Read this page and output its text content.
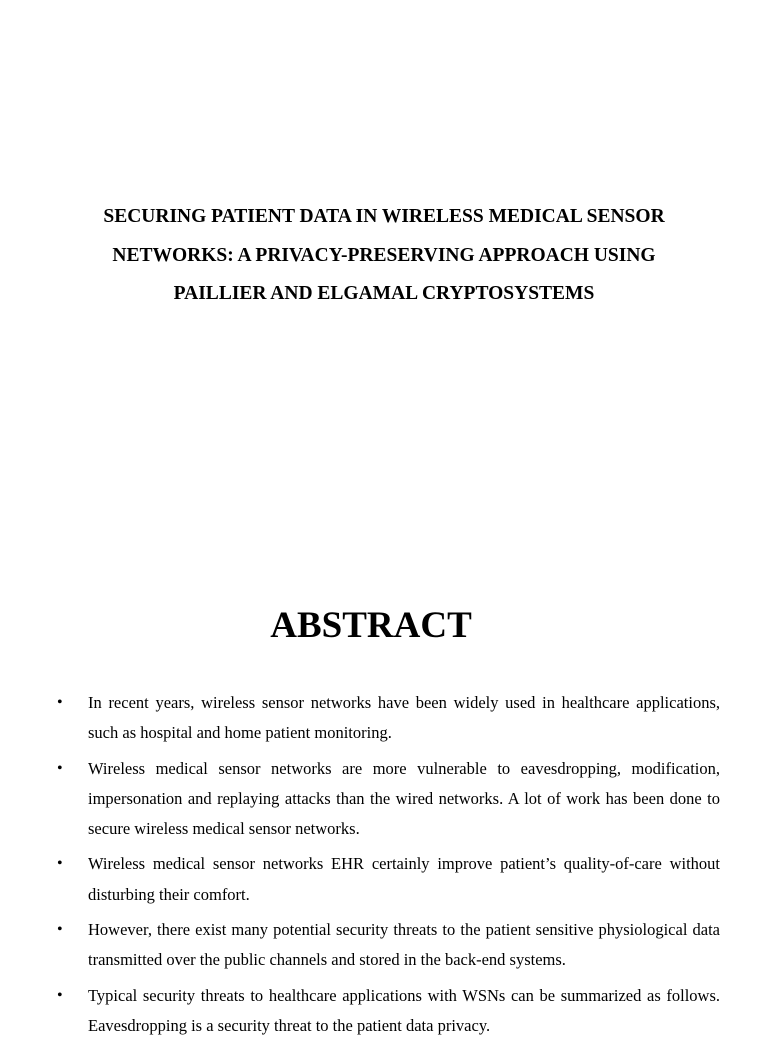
SECURING PATIENT DATA IN WIRELESS MEDICAL SENSOR
NETWORKS: A PRIVACY-PRESERVING APPROACH USING
PAILLIER AND ELGAMAL CRYPTOSYSTEMS
ABSTRACT
• In recent years, wireless sensor networks have been widely used in healthcare applications, such as hospital and home patient monitoring.
• Wireless medical sensor networks are more vulnerable to eavesdropping, modification, impersonation and replaying attacks than the wired networks. A lot of work has been done to secure wireless medical sensor networks.
• Wireless medical sensor networks EHR certainly improve patient’s quality-of-care without disturbing their comfort.
• However, there exist many potential security threats to the patient sensitive physiological data transmitted over the public channels and stored in the back-end systems.
• Typical security threats to healthcare applications with WSNs can be summarized as follows. Eavesdropping is a security threat to the patient data privacy.
